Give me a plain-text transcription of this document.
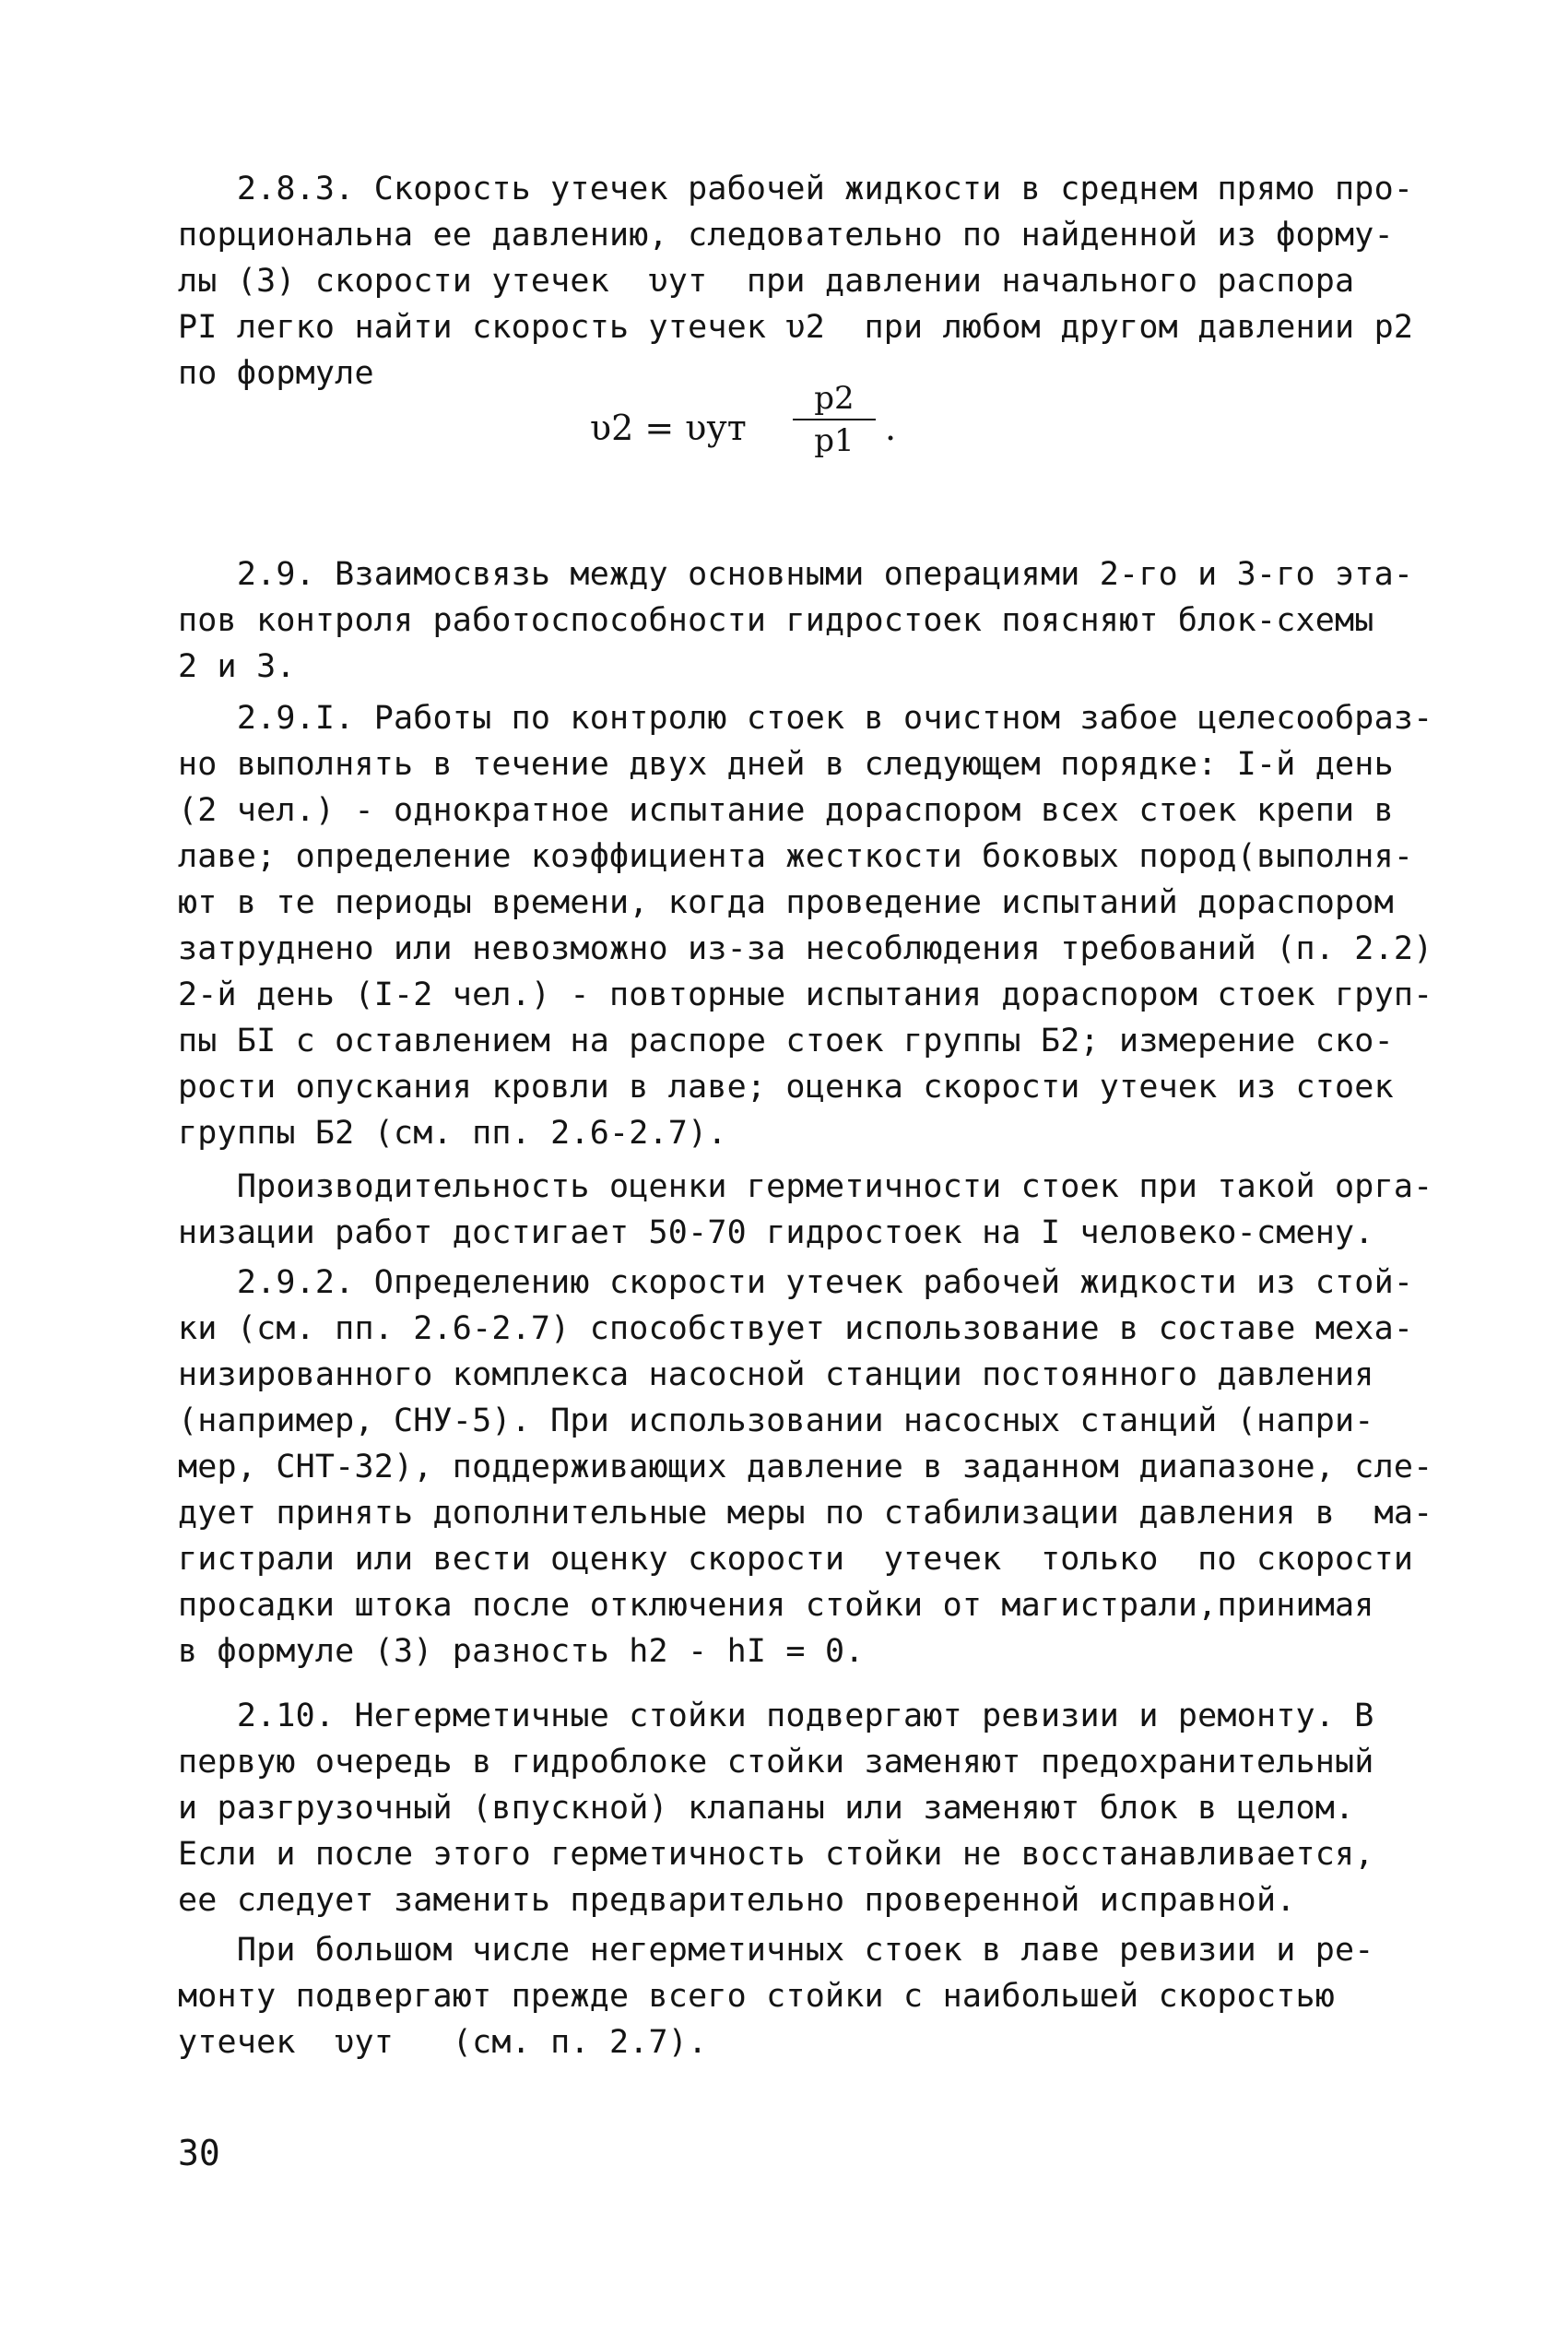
2.8.3. Скорость утечек рабочей жидкости в среднем прямо про-
порциональна ее давлению, следовательно по найденной из форму-
лы (3) скорости утечек  υут  при давлении начального распора
PI легко найти скорость утечек υ2  при любом другом давлении р2
по формуле
υ2 = υут
p2
p1 .
2.9. Взаимосвязь между основными операциями 2-го и 3-го эта-
пов контроля работоспособности гидростоек поясняют блок-схемы
2 и 3.
2.9.I. Работы по контролю стоек в очистном забое целесообраз-
но выполнять в течение двух дней в следующем порядке: I-й день
(2 чел.) - однократное испытание дораспором всех стоек крепи в
лаве; определение коэффициента жесткости боковых пород(выполня-
ют в те периоды времени, когда проведение испытаний дораспором
затруднено или невозможно из-за несоблюдения требований (п. 2.2)
2-й день (I-2 чел.) - повторные испытания дораспором стоек груп-
пы БI с оставлением на распоре стоек группы Б2; измерение ско-
рости опускания кровли в лаве; оценка скорости утечек из стоек
группы Б2 (см. пп. 2.6-2.7).
Производительность оценки герметичности стоек при такой орга-
низации работ достигает 50-70 гидростоек на I человеко-смену.
2.9.2. Определению скорости утечек рабочей жидкости из стой-
ки (см. пп. 2.6-2.7) способствует использование в составе меха-
низированного комплекса насосной станции постоянного давления
(например, СНУ-5). При использовании насосных станций (напри-
мер, СНТ-32), поддерживающих давление в заданном диапазоне, сле-
дует принять дополнительные меры по стабилизации давления в  ма-
гистрали или вести оценку скорости  утечек  только  по скорости
просадки штока после отключения стойки от магистрали,принимая
в формуле (3) разность h2 - hI = 0.
2.10. Негерметичные стойки подвергают ревизии и ремонту. В
первую очередь в гидроблоке стойки заменяют предохранительный
и разгрузочный (впускной) клапаны или заменяют блок в целом.
Если и после этого герметичность стойки не восстанавливается,
ее следует заменить предварительно проверенной исправной.
При большом числе негерметичных стоек в лаве ревизии и ре-
монту подвергают прежде всего стойки с наибольшей скоростью
утечек  υут   (см. п. 2.7).
30
